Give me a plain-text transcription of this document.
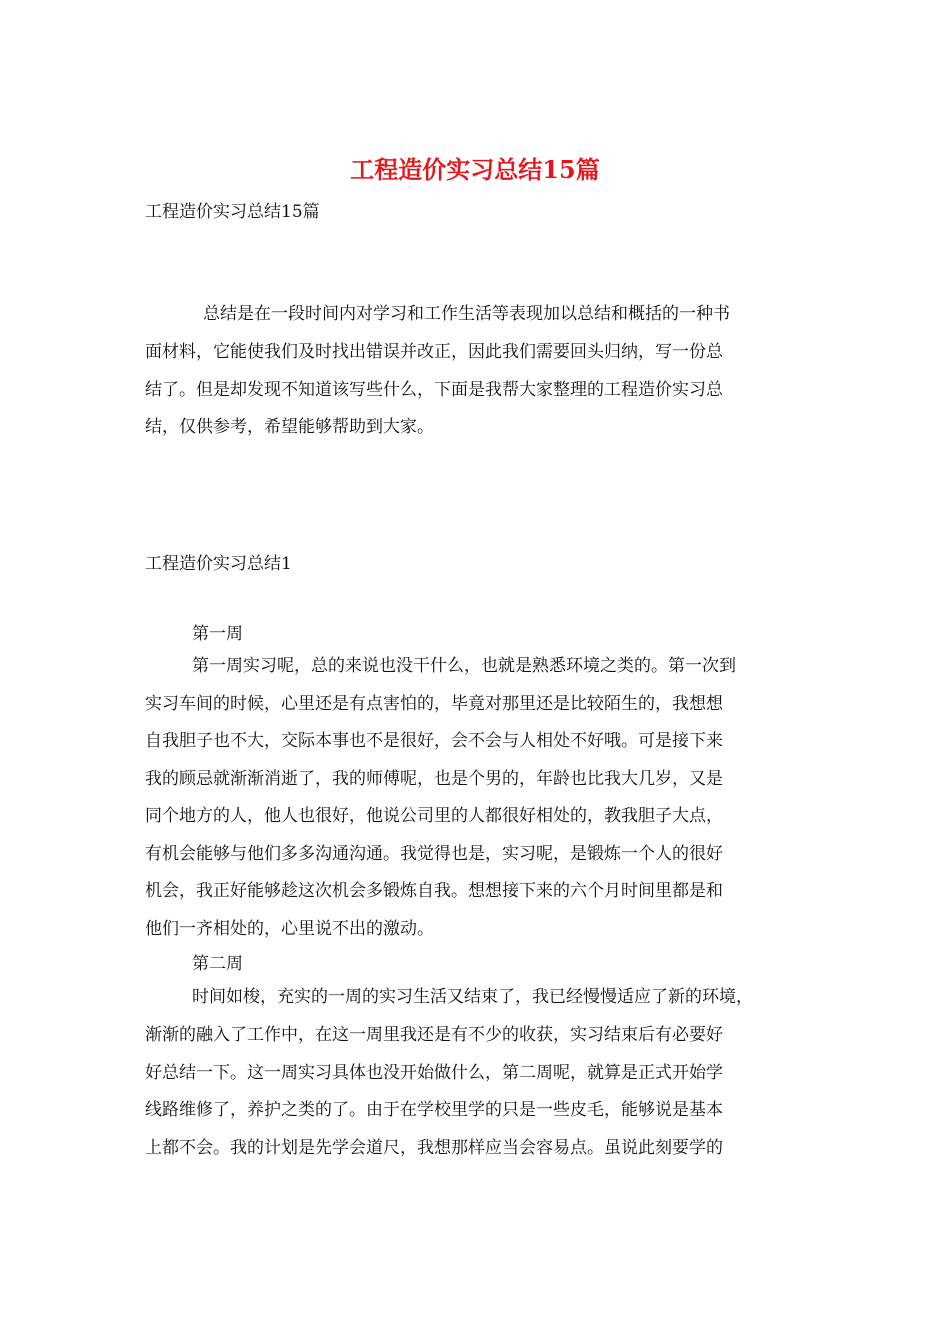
工程造价实习总结15篇
工程造价实习总结15篇
总结是在一段时间内对学习和工作生活等表现加以总结和概括的一种书
面材料，它能使我们及时找出错误并改正，因此我们需要回头归纳，写一份总
结了。但是却发现不知道该写些什么，下面是我帮大家整理的工程造价实习总
结，仅供参考，希望能够帮助到大家。
工程造价实习总结1
第一周
第一周实习呢，总的来说也没干什么，也就是熟悉环境之类的。第一次到
实习车间的时候，心里还是有点害怕的，毕竟对那里还是比较陌生的，我想想
自我胆子也不大，交际本事也不是很好，会不会与人相处不好哦。可是接下来
我的顾忌就渐渐消逝了，我的师傅呢，也是个男的，年龄也比我大几岁，又是
同个地方的人，他人也很好，他说公司里的人都很好相处的，教我胆子大点，
有机会能够与他们多多沟通沟通。我觉得也是，实习呢，是锻炼一个人的很好
机会，我正好能够趁这次机会多锻炼自我。想想接下来的六个月时间里都是和
他们一齐相处的，心里说不出的激动。
第二周
时间如梭，充实的一周的实习生活又结束了，我已经慢慢适应了新的环境，
渐渐的融入了工作中，在这一周里我还是有不少的收获，实习结束后有必要好
好总结一下。这一周实习具体也没开始做什么，第二周呢，就算是正式开始学
线路维修了，养护之类的了。由于在学校里学的只是一些皮毛，能够说是基本
上都不会。我的计划是先学会道尺，我想那样应当会容易点。虽说此刻要学的
